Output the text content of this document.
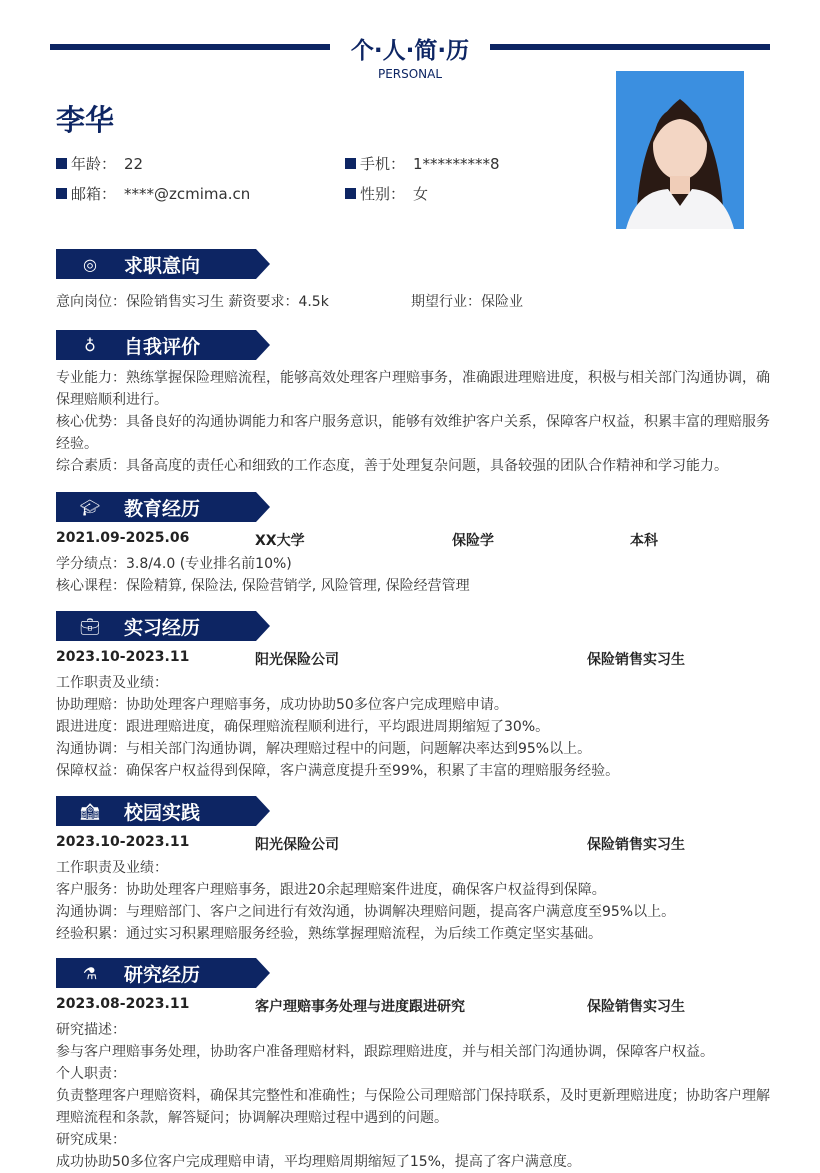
个·人·简·历
PERSONAL
李华
年龄： 22	手机： 1*********8
邮箱： ****@zcmima.cn	性别： 女
◎	求职意向
意向岗位：保险销售实习生 薪资要求：4.5k	期望行业：保险业
♁	自我评价
专业能力：熟练掌握保险理赔流程，能够高效处理客户理赔事务，准确跟进理赔进度，积极与相关部门沟通协调，确保理赔顺利进行。
核心优势：具备良好的沟通协调能力和客户服务意识，能够有效维护客户关系，保障客户权益，积累丰富的理赔服务经验。
综合素质：具备高度的责任心和细致的工作态度，善于处理复杂问题，具备较强的团队合作精神和学习能力。
🎓︎	教育经历
2021.09-2025.06	XX大学	保险学	本科
学分绩点：3.8/4.0 (专业排名前10%)
核心课程：保险精算, 保险法, 保险营销学, 风险管理, 保险经营管理
💼︎	实习经历
2023.10-2023.11	阳光保险公司	保险销售实习生
工作职责及业绩：
协助理赔：协助处理客户理赔事务，成功协助50多位客户完成理赔申请。
跟进进度：跟进理赔进度，确保理赔流程顺利进行，平均跟进周期缩短了30%。
沟通协调：与相关部门沟通协调，解决理赔过程中的问题，问题解决率达到95%以上。
保障权益：确保客户权益得到保障，客户满意度提升至99%，积累了丰富的理赔服务经验。
🏫︎	校园实践
2023.10-2023.11	阳光保险公司	保险销售实习生
工作职责及业绩：
客户服务：协助处理客户理赔事务，跟进20余起理赔案件进度，确保客户权益得到保障。
沟通协调：与理赔部门、客户之间进行有效沟通，协调解决理赔问题，提高客户满意度至95%以上。
经验积累：通过实习积累理赔服务经验，熟练掌握理赔流程，为后续工作奠定坚实基础。
⚗︎	研究经历
2023.08-2023.11	客户理赔事务处理与进度跟进研究	保险销售实习生
研究描述：
参与客户理赔事务处理，协助客户准备理赔材料，跟踪理赔进度，并与相关部门沟通协调，保障客户权益。
个人职责：
负责整理客户理赔资料，确保其完整性和准确性；与保险公司理赔部门保持联系，及时更新理赔进度；协助客户理解理赔流程和条款，解答疑问；协调解决理赔过程中遇到的问题。
研究成果：
成功协助50多位客户完成理赔申请，平均理赔周期缩短了15%，提高了客户满意度。
